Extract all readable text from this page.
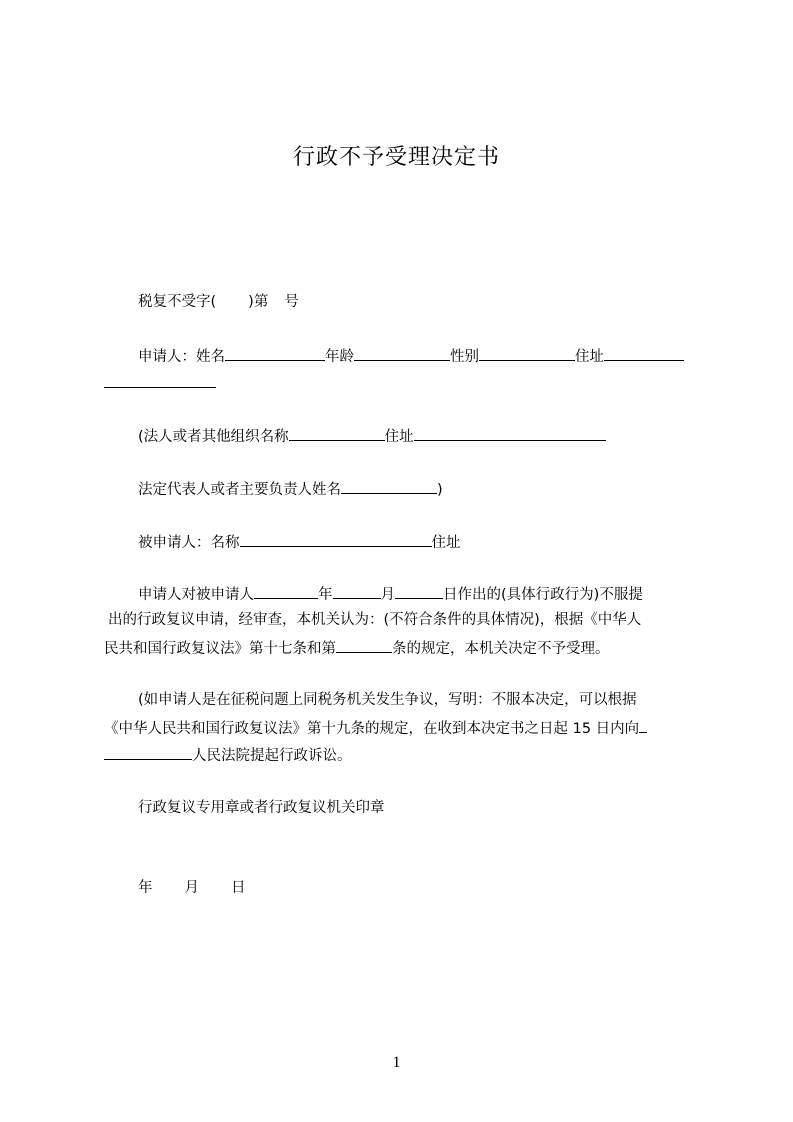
行政不予受理决定书
税复不受字( )第 号
申请人：姓名	年龄	性别	住址
(法人或者其他组织名称	住址
法定代表人或者主要负责人姓名	)
被申请人：名称	住址
申请人对被申请人	年	月	日作出的(具体行政行为)不服提
出的行政复议申请，经审查，本机关认为：(不符合条件的具体情况)，根据《中华人
民共和国行政复议法》第十七条和第	条的规定，本机关决定不予受理。
(如申请人是在征税问题上同税务机关发生争议，写明：不服本决定，可以根据
《中华人民共和国行政复议法》第十九条的规定，在收到本决定书之日起 15 日内向
人民法院提起行政诉讼。
行政复议专用章或者行政复议机关印章
年 月 日
1
